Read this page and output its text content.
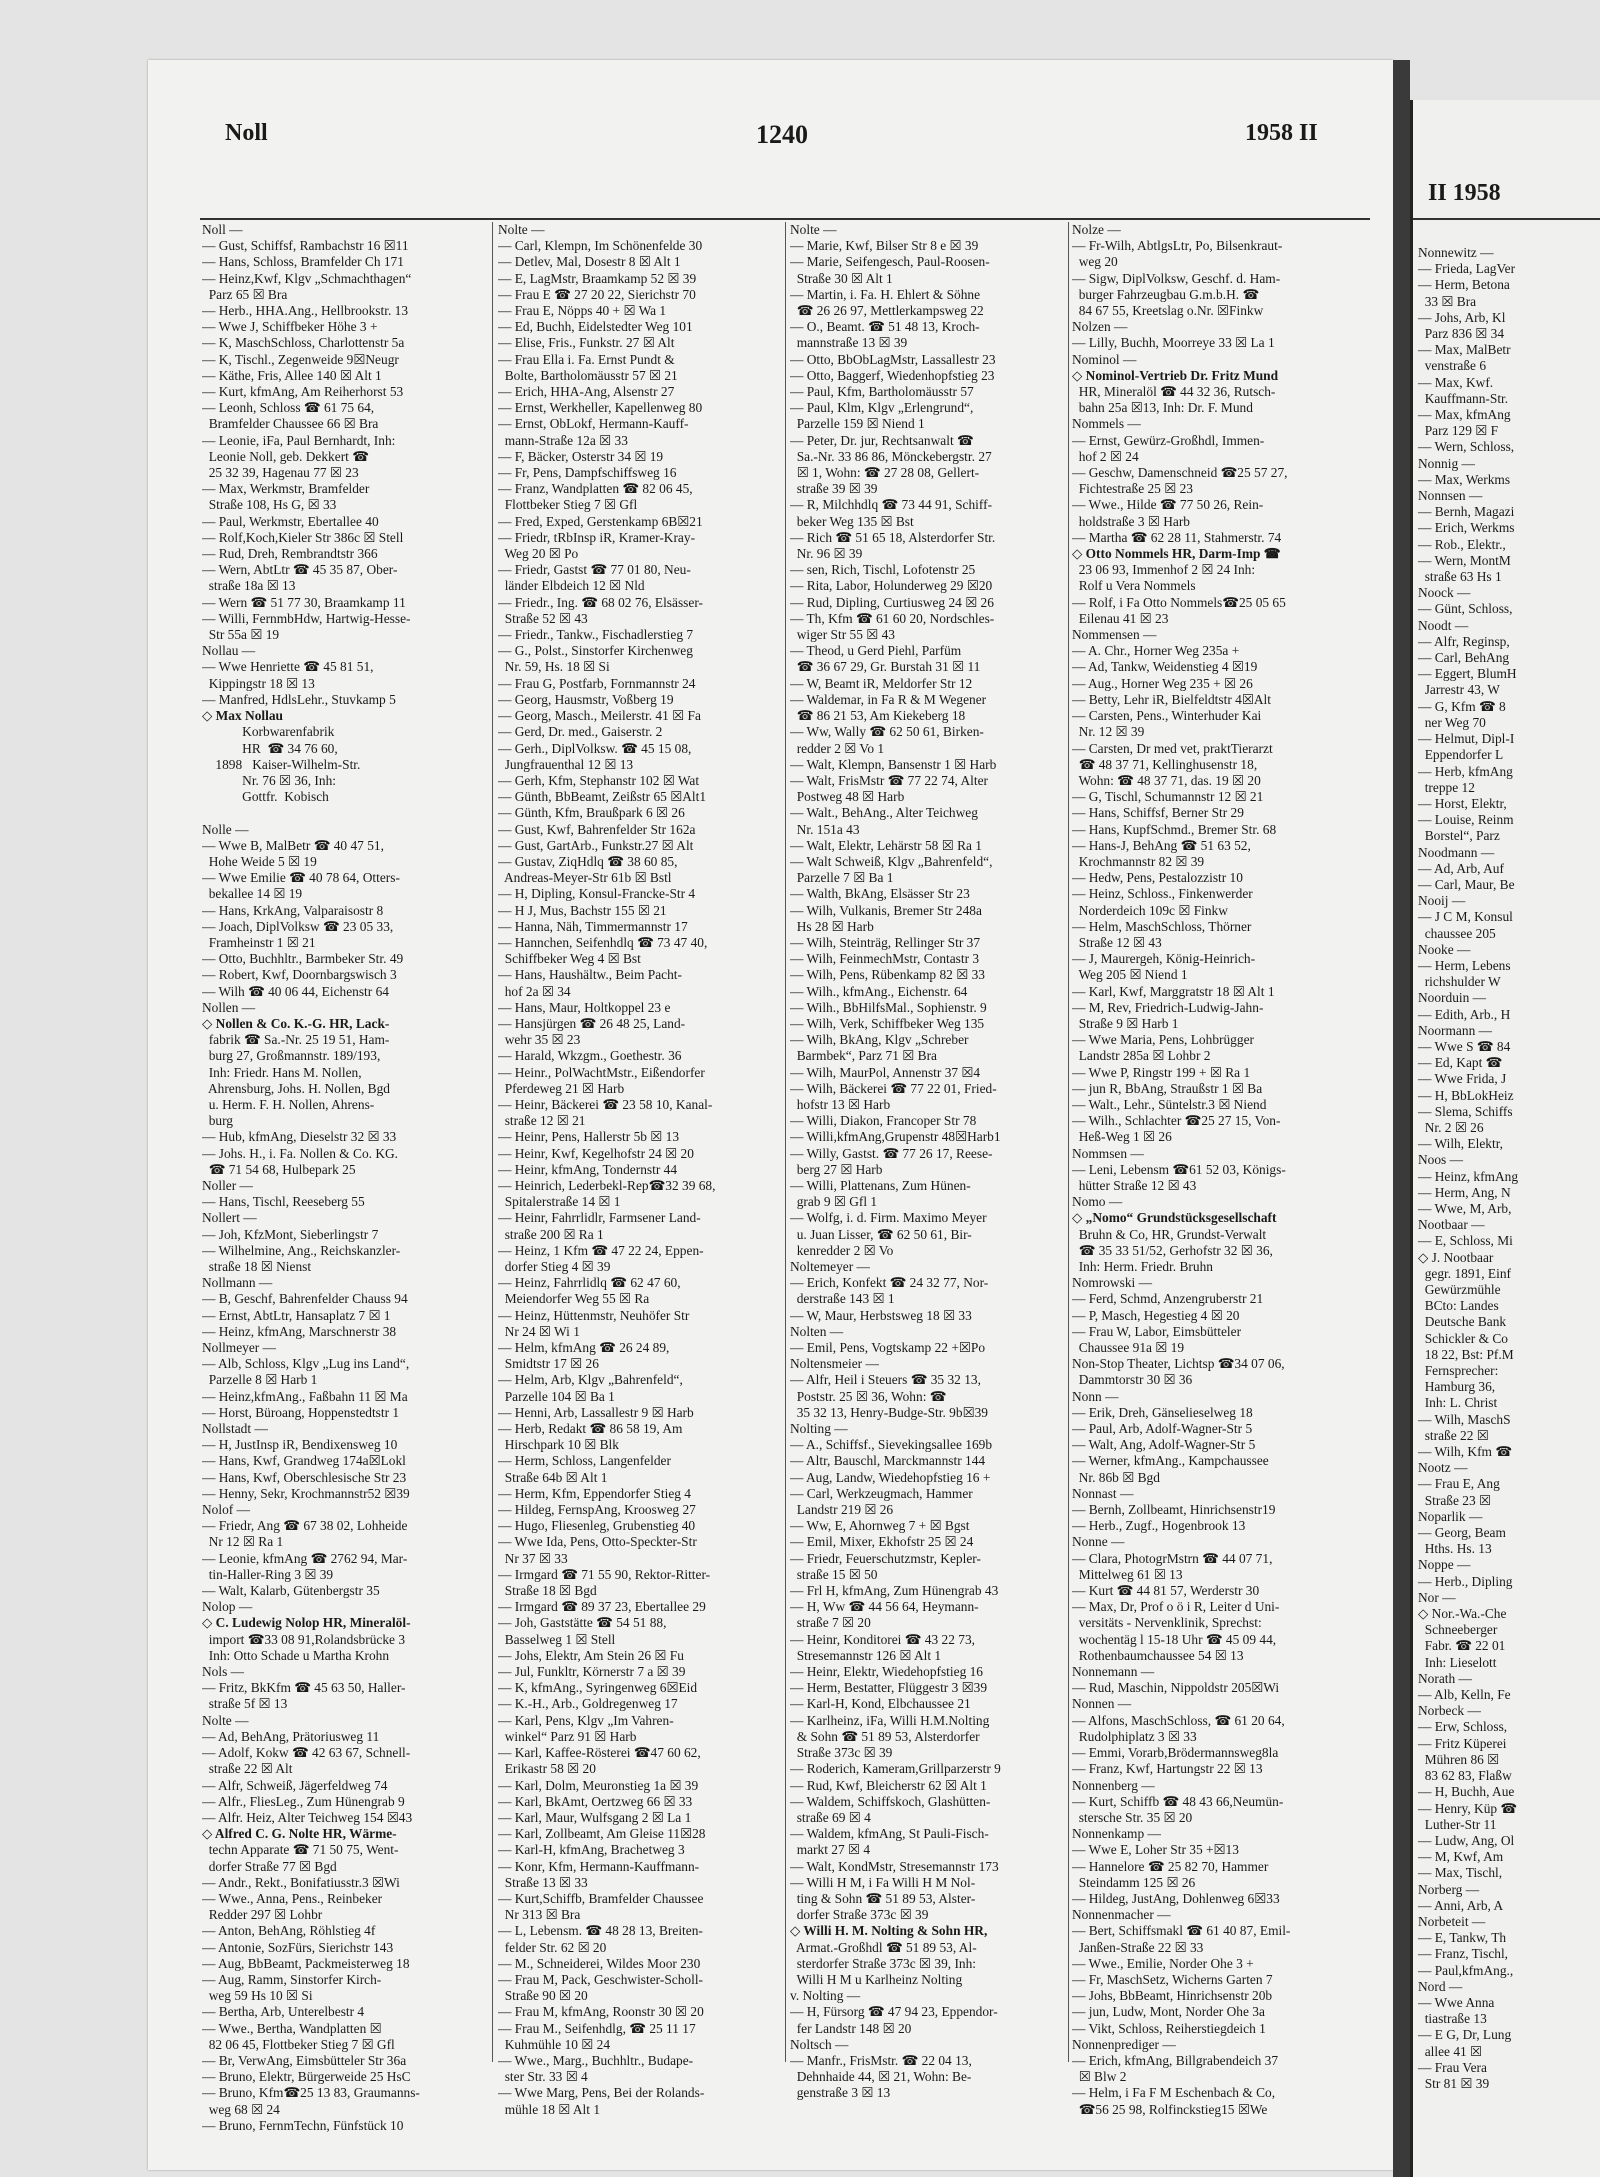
Noll	1240	1958 II
Noll —
— Gust, Schiffsf, Rambachstr 16 ☒11
— Hans, Schloss, Bramfelder Ch 171
— Heinz,Kwf, Klgv „Schmachthagen“
Parz 65 ☒ Bra
— Herb., HHA.Ang., Hellbrookstr. 13
— Wwe J, Schiffbeker Höhe 3 +
— K, MaschSchloss, Charlottenstr 5a
— K, Tischl., Zegenweide 9☒Neugr
— Käthe, Fris, Allee 140 ☒ Alt 1
— Kurt, kfmAng, Am Reiherhorst 53
— Leonh, Schloss ☎ 61 75 64,
Bramfelder Chaussee 66 ☒ Bra
— Leonie, iFa, Paul Bernhardt, Inh:
Leonie Noll, geb. Dekkert ☎
25 32 39, Hagenau 77 ☒ 23
— Max, Werkmstr, Bramfelder
Straße 108, Hs G, ☒ 33
— Paul, Werkmstr, Ebertallee 40
— Rolf,Koch,Kieler Str 386c ☒ Stell
— Rud, Dreh, Rembrandtstr 366
— Wern, AbtLtr ☎ 45 35 87, Ober-
straße 18a ☒ 13
— Wern ☎ 51 77 30, Braamkamp 11
— Willi, FernmbHdw, Hartwig-Hesse-
Str 55a ☒ 19
Nollau —
— Wwe Henriette ☎ 45 81 51,
Kippingstr 18 ☒ 13
— Manfred, HdlsLehr., Stuvkamp 5
◇ Max Nollau
Korbwarenfabrik
HR  ☎ 34 76 60,
1898   Kaiser-Wilhelm-Str.
Nr. 76 ☒ 36, Inh:
Gottfr.  Kobisch

Nolle —
— Wwe B, MalBetr ☎ 40 47 51,
Hohe Weide 5 ☒ 19
— Wwe Emilie ☎ 40 78 64, Otters-
bekallee 14 ☒ 19
— Hans, KrkAng, Valparaisostr 8
— Joach, DiplVolksw ☎ 23 05 33,
Framheinstr 1 ☒ 21
— Otto, Buchhltr., Barmbeker Str. 49
— Robert, Kwf, Doornbargswisch 3
— Wilh ☎ 40 06 44, Eichenstr 64
Nollen —
◇ Nollen & Co. K.-G. HR, Lack-
fabrik ☎ Sa.-Nr. 25 19 51, Ham-
burg 27, Großmannstr. 189/193,
Inh: Friedr. Hans M. Nollen,
Ahrensburg, Johs. H. Nollen, Bgd
u. Herm. F. H. Nollen, Ahrens-
burg
— Hub, kfmAng, Dieselstr 32 ☒ 33
— Johs. H., i. Fa. Nollen & Co. KG.
☎ 71 54 68, Hulbepark 25
Noller —
— Hans, Tischl, Reeseberg 55
Nollert —
— Joh, KfzMont, Sieberlingstr 7
— Wilhelmine, Ang., Reichskanzler-
straße 18 ☒ Nienst
Nollmann —
— B, Geschf, Bahrenfelder Chauss 94
— Ernst, AbtLtr, Hansaplatz 7 ☒ 1
— Heinz, kfmAng, Marschnerstr 38
Nollmeyer —
— Alb, Schloss, Klgv „Lug ins Land“,
Parzelle 8 ☒ Harb 1
— Heinz,kfmAng., Faßbahn 11 ☒ Ma
— Horst, Büroang, Hoppenstedtstr 1
Nollstadt —
— H, JustInsp iR, Bendixensweg 10
— Hans, Kwf, Grandweg 174a☒Lokl
— Hans, Kwf, Oberschlesische Str 23
— Henny, Sekr, Krochmannstr52 ☒39
Nolof —
— Friedr, Ang ☎ 67 38 02, Lohheide
Nr 12 ☒ Ra 1
— Leonie, kfmAng ☎ 2762 94, Mar-
tin-Haller-Ring 3 ☒ 39
— Walt, Kalarb, Gütenbergstr 35
Nolop —
◇ C. Ludewig Nolop HR, Mineralöl-
import ☎33 08 91,Rolandsbrücke 3
Inh: Otto Schade u Martha Krohn
Nols —
— Fritz, BkKfm ☎ 45 63 50, Haller-
straße 5f ☒ 13
Nolte —
— Ad, BehAng, Prätoriusweg 11
— Adolf, Kokw ☎ 42 63 67, Schnell-
straße 22 ☒ Alt
— Alfr, Schweiß, Jägerfeldweg 74
— Alfr., FliesLeg., Zum Hünengrab 9
— Alfr. Heiz, Alter Teichweg 154 ☒43
◇ Alfred C. G. Nolte HR, Wärme-
techn Apparate ☎ 71 50 75, Went-
dorfer Straße 77 ☒ Bgd
— Andr., Rekt., Bonifatiusstr.3 ☒Wi
— Wwe., Anna, Pens., Reinbeker
Redder 297 ☒ Lohbr
— Anton, BehAng, Röhlstieg 4f
— Antonie, SozFürs, Sierichstr 143
— Aug, BbBeamt, Packmeisterweg 18
— Aug, Ramm, Sinstorfer Kirch-
weg 59 Hs 10 ☒ Si
— Bertha, Arb, Unterelbestr 4
— Wwe., Bertha, Wandplatten ☒
82 06 45, Flottbeker Stieg 7 ☒ Gfl
— Br, VerwAng, Eimsbütteler Str 36a
— Bruno, Elektr, Bürgerweide 25 HsC
— Bruno, Kfm☎25 13 83, Graumanns-
weg 68 ☒ 24
— Bruno, FernmTechn, Fünfstück 10
Nolte —
— Carl, Klempn, Im Schönenfelde 30
— Detlev, Mal, Dosestr 8 ☒ Alt 1
— E, LagMstr, Braamkamp 52 ☒ 39
— Frau E ☎ 27 20 22, Sierichstr 70
— Frau E, Nöpps 40 + ☒ Wa 1
— Ed, Buchh, Eidelstedter Weg 101
— Elise, Fris., Funkstr. 27 ☒ Alt
— Frau Ella i. Fa. Ernst Pundt &
Bolte, Bartholomäusstr 57 ☒ 21
— Erich, HHA-Ang, Alsenstr 27
— Ernst, Werkheller, Kapellenweg 80
— Ernst, ObLokf, Hermann-Kauff-
mann-Straße 12a ☒ 33
— F, Bäcker, Osterstr 34 ☒ 19
— Fr, Pens, Dampfschiffsweg 16
— Franz, Wandplatten ☎ 82 06 45,
Flottbeker Stieg 7 ☒ Gfl
— Fred, Exped, Gerstenkamp 6B☒21
— Friedr, tRbInsp iR, Kramer-Kray-
Weg 20 ☒ Po
— Friedr, Gastst ☎ 77 01 80, Neu-
länder Elbdeich 12 ☒ Nld
— Friedr., Ing. ☎ 68 02 76, Elsässer-
Straße 52 ☒ 43
— Friedr., Tankw., Fischadlerstieg 7
— G., Polst., Sinstorfer Kirchenweg
Nr. 59, Hs. 18 ☒ Si
— Frau G, Postfarb, Fornmannstr 24
— Georg, Hausmstr, Voßberg 19
— Georg, Masch., Meilerstr. 41 ☒ Fa
— Gerd, Dr. med., Gaiserstr. 2
— Gerh., DiplVolksw. ☎ 45 15 08,
Jungfrauenthal 12 ☒ 13
— Gerh, Kfm, Stephanstr 102 ☒ Wat
— Günth, BbBeamt, Zeißstr 65 ☒Alt1
— Günth, Kfm, Braußpark 6 ☒ 26
— Gust, Kwf, Bahrenfelder Str 162a
— Gust, GartArb., Funkstr.27 ☒ Alt
— Gustav, ZiqHdlq ☎ 38 60 85,
Andreas-Meyer-Str 61b ☒ Bstl
— H, Dipling, Konsul-Francke-Str 4
— H J, Mus, Bachstr 155 ☒ 21
— Hanna, Näh, Timmermannstr 17
— Hannchen, Seifenhdlq ☎ 73 47 40,
Schiffbeker Weg 4 ☒ Bst
— Hans, Haushältw., Beim Pacht-
hof 2a ☒ 34
— Hans, Maur, Holtkoppel 23 e
— Hansjürgen ☎ 26 48 25, Land-
wehr 35 ☒ 23
— Harald, Wkzgm., Goethestr. 36
— Heinr., PolWachtMstr., Eißendorfer
Pferdeweg 21 ☒ Harb
— Heinr, Bäckerei ☎ 23 58 10, Kanal-
straße 12 ☒ 21
— Heinr, Pens, Hallerstr 5b ☒ 13
— Heinr, Kwf, Kegelhofstr 24 ☒ 20
— Heinr, kfmAng, Tondernstr 44
— Heinrich, Lederbekl-Rep☎32 39 68,
Spitalerstraße 14 ☒ 1
— Heinr, Fahrrlidlr, Farmsener Land-
straße 200 ☒ Ra 1
— Heinz, 1 Kfm ☎ 47 22 24, Eppen-
dorfer Stieg 4 ☒ 39
— Heinz, Fahrrlidlq ☎ 62 47 60,
Meiendorfer Weg 55 ☒ Ra
— Heinz, Hüttenmstr, Neuhöfer Str
Nr 24 ☒ Wi 1
— Helm, kfmAng ☎ 26 24 89,
Smidtstr 17 ☒ 26
— Helm, Arb, Klgv „Bahrenfeld“,
Parzelle 104 ☒ Ba 1
— Henni, Arb, Lassallestr 9 ☒ Harb
— Herb, Redakt ☎ 86 58 19, Am
Hirschpark 10 ☒ Blk
— Herm, Schloss, Langenfelder
Straße 64b ☒ Alt 1
— Herm, Kfm, Eppendorfer Stieg 4
— Hildeg, FernspAng, Kroosweg 27
— Hugo, Fliesenleg, Grubenstieg 40
— Wwe Ida, Pens, Otto-Speckter-Str
Nr 37 ☒ 33
— Irmgard ☎ 71 55 90, Rektor-Ritter-
Straße 18 ☒ Bgd
— Irmgard ☎ 89 37 23, Ebertallee 29
— Joh, Gaststätte ☎ 54 51 88,
Basselweg 1 ☒ Stell
— Johs, Elektr, Am Stein 26 ☒ Fu
— Jul, Funkltr, Körnerstr 7 a ☒ 39
— K, kfmAng., Syringenweg 6☒Eid
— K.-H., Arb., Goldregenweg 17
— Karl, Pens, Klgv „Im Vahren-
winkel“ Parz 91 ☒ Harb
— Karl, Kaffee-Rösterei ☎47 60 62,
Erikastr 58 ☒ 20
— Karl, Dolm, Meuronstieg 1a ☒ 39
— Karl, BkAmt, Oertzweg 66 ☒ 33
— Karl, Maur, Wulfsgang 2 ☒ La 1
— Karl, Zollbeamt, Am Gleise 11☒28
— Karl-H, kfmAng, Brachetweg 3
— Konr, Kfm, Hermann-Kauffmann-
Straße 13 ☒ 33
— Kurt,Schiffb, Bramfelder Chaussee
Nr 313 ☒ Bra
— L, Lebensm. ☎ 48 28 13, Breiten-
felder Str. 62 ☒ 20
— M., Schneiderei, Wildes Moor 230
— Frau M, Pack, Geschwister-Scholl-
Straße 90 ☒ 20
— Frau M, kfmAng, Roonstr 30 ☒ 20
— Frau M., Seifenhdlg, ☎ 25 11 17
Kuhmühle 10 ☒ 24
— Wwe., Marg., Buchhltr., Budape-
ster Str. 33 ☒ 4
— Wwe Marg, Pens, Bei der Rolands-
mühle 18 ☒ Alt 1
Nolte —
— Marie, Kwf, Bilser Str 8 e ☒ 39
— Marie, Seifengesch, Paul-Roosen-
Straße 30 ☒ Alt 1
— Martin, i. Fa. H. Ehlert & Söhne
☎ 26 26 97, Mettlerkampsweg 22
— O., Beamt. ☎ 51 48 13, Kroch-
mannstraße 13 ☒ 39
— Otto, BbObLagMstr, Lassallestr 23
— Otto, Baggerf, Wiedenhopfstieg 23
— Paul, Kfm, Bartholomäusstr 57
— Paul, Klm, Klgv „Erlengrund“,
Parzelle 159 ☒ Niend 1
— Peter, Dr. jur, Rechtsanwalt ☎
Sa.-Nr. 33 86 86, Mönckebergstr. 27
☒ 1, Wohn: ☎ 27 28 08, Gellert-
straße 39 ☒ 39
— R, Milchhdlq ☎ 73 44 91, Schiff-
beker Weg 135 ☒ Bst
— Rich ☎ 51 65 18, Alsterdorfer Str.
Nr. 96 ☒ 39
— sen, Rich, Tischl, Lofotenstr 25
— Rita, Labor, Holunderweg 29 ☒20
— Rud, Dipling, Curtiusweg 24 ☒ 26
— Th, Kfm ☎ 61 60 20, Nordschles-
wiger Str 55 ☒ 43
— Theod, u Gerd Piehl, Parfüm
☎ 36 67 29, Gr. Burstah 31 ☒ 11
— W, Beamt iR, Meldorfer Str 12
— Waldemar, in Fa R & M Wegener
☎ 86 21 53, Am Kiekeberg 18
— Ww, Wally ☎ 62 50 61, Birken-
redder 2 ☒ Vo 1
— Walt, Klempn, Bansenstr 1 ☒ Harb
— Walt, FrisMstr ☎ 77 22 74, Alter
Postweg 48 ☒ Harb
— Walt., BehAng., Alter Teichweg
Nr. 151a 43
— Walt, Elektr, Lehärstr 58 ☒ Ra 1
— Walt Schweiß, Klgv „Bahrenfeld“,
Parzelle 7 ☒ Ba 1
— Walth, BkAng, Elsässer Str 23
— Wilh, Vulkanis, Bremer Str 248a
Hs 28 ☒ Harb
— Wilh, Steinträg, Rellinger Str 37
— Wilh, FeinmechMstr, Contastr 3
— Wilh, Pens, Rübenkamp 82 ☒ 33
— Wilh., kfmAng., Eichenstr. 64
— Wilh., BbHilfsMal., Sophienstr. 9
— Wilh, Verk, Schiffbeker Weg 135
— Wilh, BkAng, Klgv „Schreber
Barmbek“, Parz 71 ☒ Bra
— Wilh, MaurPol, Annenstr 37 ☒4
— Wilh, Bäckerei ☎ 77 22 01, Fried-
hofstr 13 ☒ Harb
— Willi, Diakon, Francoper Str 78
— Willi,kfmAng,Grupenstr 48☒Harb1
— Willy, Gastst. ☎ 77 26 17, Reese-
berg 27 ☒ Harb
— Willi, Plattenans, Zum Hünen-
grab 9 ☒ Gfl 1
— Wolfg, i. d. Firm. Maximo Meyer
u. Juan Lisser, ☎ 62 50 61, Bir-
kenredder 2 ☒ Vo
Noltemeyer —
— Erich, Konfekt ☎ 24 32 77, Nor-
derstraße 143 ☒ 1
— W, Maur, Herbstsweg 18 ☒ 33
Nolten —
— Emil, Pens, Vogtskamp 22 +☒Po
Noltensmeier —
— Alfr, Heil i Steuers ☎ 35 32 13,
Poststr. 25 ☒ 36, Wohn: ☎
35 32 13, Henry-Budge-Str. 9b☒39
Nolting —
— A., Schiffsf., Sievekingsallee 169b
— Altr, Bauschl, Marckmannstr 144
— Aug, Landw, Wiedehopfstieg 16 +
— Carl, Werkzeugmach, Hammer
Landstr 219 ☒ 26
— Ww, E, Ahornweg 7 + ☒ Bgst
— Emil, Mixer, Ekhofstr 25 ☒ 24
— Friedr, Feuerschutzmstr, Kepler-
straße 15 ☒ 50
— Frl H, kfmAng, Zum Hünengrab 43
— H, Ww ☎ 44 56 64, Heymann-
straße 7 ☒ 20
— Heinr, Konditorei ☎ 43 22 73,
Stresemannstr 126 ☒ Alt 1
— Heinr, Elektr, Wiedehopfstieg 16
— Herm, Bestatter, Flüggestr 3 ☒39
— Karl-H, Kond, Elbchaussee 21
— Karlheinz, iFa, Willi H.M.Nolting
& Sohn ☎ 51 89 53, Alsterdorfer
Straße 373c ☒ 39
— Roderich, Kameram,Grillparzerstr 9
— Rud, Kwf, Bleicherstr 62 ☒ Alt 1
— Waldem, Schiffskoch, Glashütten-
straße 69 ☒ 4
— Waldem, kfmAng, St Pauli-Fisch-
markt 27 ☒ 4
— Walt, KondMstr, Stresemannstr 173
— Willi H M, i Fa Willi H M Nol-
ting & Sohn ☎ 51 89 53, Alster-
dorfer Straße 373c ☒ 39
◇ Willi H. M. Nolting & Sohn HR,
Armat.-Großhdl ☎ 51 89 53, Al-
sterdorfer Straße 373c ☒ 39, Inh:
Willi H M u Karlheinz Nolting
v. Nolting —
— H, Fürsorg ☎ 47 94 23, Eppendor-
fer Landstr 148 ☒ 20
Noltsch —
— Manfr., FrisMstr. ☎ 22 04 13,
Dehnhaide 44, ☒ 21, Wohn: Be-
genstraße 3 ☒ 13
Nolze —
— Fr-Wilh, AbtlgsLtr, Po, Bilsenkraut-
weg 20
— Sigw, DiplVolksw, Geschf. d. Ham-
burger Fahrzeugbau G.m.b.H. ☎
84 67 55, Kreetslag o.Nr. ☒Finkw
Nolzen —
— Lilly, Buchh, Moorreye 33 ☒ La 1
Nominol —
◇ Nominol-Vertrieb Dr. Fritz Mund
HR, Mineralöl ☎ 44 32 36, Rutsch-
bahn 25a ☒13, Inh: Dr. F. Mund
Nommels —
— Ernst, Gewürz-Großhdl, Immen-
hof 2 ☒ 24
— Geschw, Damenschneid ☎25 57 27,
Fichtestraße 25 ☒ 23
— Wwe., Hilde ☎ 77 50 26, Rein-
holdstraße 3 ☒ Harb
— Martha ☎ 62 28 11, Stahmerstr. 74
◇ Otto Nommels HR, Darm-Imp ☎
23 06 93, Immenhof 2 ☒ 24 Inh:
Rolf u Vera Nommels
— Rolf, i Fa Otto Nommels☎25 05 65
Eilenau 41 ☒ 23
Nommensen —
— A. Chr., Horner Weg 235a +
— Ad, Tankw, Weidenstieg 4 ☒19
— Aug., Horner Weg 235 + ☒ 26
— Betty, Lehr iR, Bielfeldtstr 4☒Alt
— Carsten, Pens., Winterhuder Kai
Nr. 12 ☒ 39
— Carsten, Dr med vet, praktTierarzt
☎ 48 37 71, Kellinghusenstr 18,
Wohn: ☎ 48 37 71, das. 19 ☒ 20
— G, Tischl, Schumannstr 12 ☒ 21
— Hans, Schiffsf, Berner Str 29
— Hans, KupfSchmd., Bremer Str. 68
— Hans-J, BehAng ☎ 51 63 52,
Krochmannstr 82 ☒ 39
— Hedw, Pens, Pestalozzistr 10
— Heinz, Schloss., Finkenwerder
Norderdeich 109c ☒ Finkw
— Helm, MaschSchloss, Thörner
Straße 12 ☒ 43
— J, Maurergeh, König-Heinrich-
Weg 205 ☒ Niend 1
— Karl, Kwf, Marggratstr 18 ☒ Alt 1
— M, Rev, Friedrich-Ludwig-Jahn-
Straße 9 ☒ Harb 1
— Wwe Maria, Pens, Lohbrügger
Landstr 285a ☒ Lohbr 2
— Wwe P, Ringstr 199 + ☒ Ra 1
— jun R, BbAng, Straußstr 1 ☒ Ba
— Walt., Lehr., Süntelstr.3 ☒ Niend
— Wilh., Schlachter ☎25 27 15, Von-
Heß-Weg 1 ☒ 26
Nommsen —
— Leni, Lebensm ☎61 52 03, Königs-
hütter Straße 12 ☒ 43
Nomo —
◇ „Nomo“ Grundstücksgesellschaft
Bruhn & Co, HR, Grundst-Verwalt
☎ 35 33 51/52, Gerhofstr 32 ☒ 36,
Inh: Herm. Friedr. Bruhn
Nomrowski —
— Ferd, Schmd, Anzengruberstr 21
— P, Masch, Hegestieg 4 ☒ 20
— Frau W, Labor, Eimsbütteler
Chaussee 91a ☒ 19
Non-Stop Theater, Lichtsp ☎34 07 06,
Dammtorstr 30 ☒ 36
Nonn —
— Erik, Dreh, Gänselieselweg 18
— Paul, Arb, Adolf-Wagner-Str 5
— Walt, Ang, Adolf-Wagner-Str 5
— Werner, kfmAng., Kampchaussee
Nr. 86b ☒ Bgd
Nonnast —
— Bernh, Zollbeamt, Hinrichsenstr19
— Herb., Zugf., Hogenbrook 13
Nonne —
— Clara, PhotogrMstrn ☎ 44 07 71,
Mittelweg 61 ☒ 13
— Kurt ☎ 44 81 57, Werderstr 30
— Max, Dr, Prof o ö i R, Leiter d Uni-
versitäts - Nervenklinik, Sprechst:
wochentäg l 15-18 Uhr ☎ 45 09 44,
Rothenbaumchaussee 54 ☒ 13
Nonnemann —
— Rud, Maschin, Nippoldstr 205☒Wi
Nonnen —
— Alfons, MaschSchloss, ☎ 61 20 64,
Rudolphiplatz 3 ☒ 33
— Emmi, Vorarb,Brödermannsweg8la
— Franz, Kwf, Hartungstr 22 ☒ 13
Nonnenberg —
— Kurt, Schiffb ☎ 48 43 66,Neumün-
stersche Str. 35 ☒ 20
Nonnenkamp —
— Wwe E, Loher Str 35 +☒13
— Hannelore ☎ 25 82 70, Hammer
Steindamm 125 ☒ 26
— Hildeg, JustAng, Dohlenweg 6☒33
Nonnenmacher —
— Bert, Schiffsmakl ☎ 61 40 87, Emil-
Janßen-Straße 22 ☒ 33
— Wwe., Emilie, Norder Ohe 3 +
— Fr, MaschSetz, Wicherns Garten 7
— Johs, BbBeamt, Hinrichsenstr 20b
— jun, Ludw, Mont, Norder Ohe 3a
— Vikt, Schloss, Reiherstiegdeich 1
Nonnenprediger —
— Erich, kfmAng, Billgrabendeich 37
☒ Blw 2
— Helm, i Fa F M Eschenbach & Co,
☎56 25 98, Rolfinckstieg15 ☒We
II 1958
Nonnewitz —
— Frieda, LagVer
— Herm, Betona
33 ☒ Bra
— Johs, Arb, Kl
Parz 836 ☒ 34
— Max, MalBetr
venstraße 6
— Max, Kwf.
Kauffmann-Str.
— Max, kfmAng
Parz 129 ☒ F
— Wern, Schloss,
Nonnig —
— Max, Werkms
Nonnsen —
— Bernh, Magazi
— Erich, Werkms
— Rob., Elektr.,
— Wern, MontM
straße 63 Hs 1
Noock —
— Günt, Schloss,
Noodt —
— Alfr, Reginsp,
— Carl, BehAng
— Eggert, BlumH
Jarrestr 43, W
— G, Kfm ☎ 8
ner Weg 70
— Helmut, Dipl-I
Eppendorfer L
— Herb, kfmAng
treppe 12
— Horst, Elektr,
— Louise, Reinm
Borstel“, Parz
Noodmann —
— Ad, Arb, Auf
— Carl, Maur, Be
Nooij —
— J C M, Konsul
chaussee 205
Nooke —
— Herm, Lebens
richshulder W
Noorduin —
— Edith, Arb., H
Noormann —
— Wwe S ☎ 84
— Ed, Kapt ☎
— Wwe Frida, J
— H, BbLokHeiz
— Slema, Schiffs
Nr. 2 ☒ 26
— Wilh, Elektr,
Noos —
— Heinz, kfmAng
— Herm, Ang, N
— Wwe, M, Arb,
Nootbaar —
— E, Schloss, Mi
◇ J. Nootbaar
gegr. 1891, Einf
Gewürzmühle
BCto: Landes
Deutsche Bank
Schickler & Co
18 22, Bst: Pf.M
Fernsprecher:
Hamburg 36,
Inh: L. Christ
— Wilh, MaschS
straße 22 ☒
— Wilh, Kfm ☎
Nootz —
— Frau E, Ang
Straße 23 ☒
Noparlik —
— Georg, Beam
Hths. Hs. 13
Noppe —
— Herb., Dipling
Nor —
◇ Nor.-Wa.-Che
Schneeberger
Fabr. ☎ 22 01
Inh: Lieselott
Norath —
— Alb, Kelln, Fe
Norbeck —
— Erw, Schloss,
— Fritz Küperei
Mühren 86 ☒
83 62 83, Flaßw
— H, Buchh, Aue
— Henry, Küp ☎
Luther-Str 11
— Ludw, Ang, Ol
— M, Kwf, Am
— Max, Tischl,
Norberg —
— Anni, Arb, A
Norbeteit —
— E, Tankw, Th
— Franz, Tischl,
— Paul,kfmAng.,
Nord —
— Wwe Anna
tiastraße 13
— E G, Dr, Lung
allee 41 ☒
— Frau Vera
Str 81 ☒ 39
